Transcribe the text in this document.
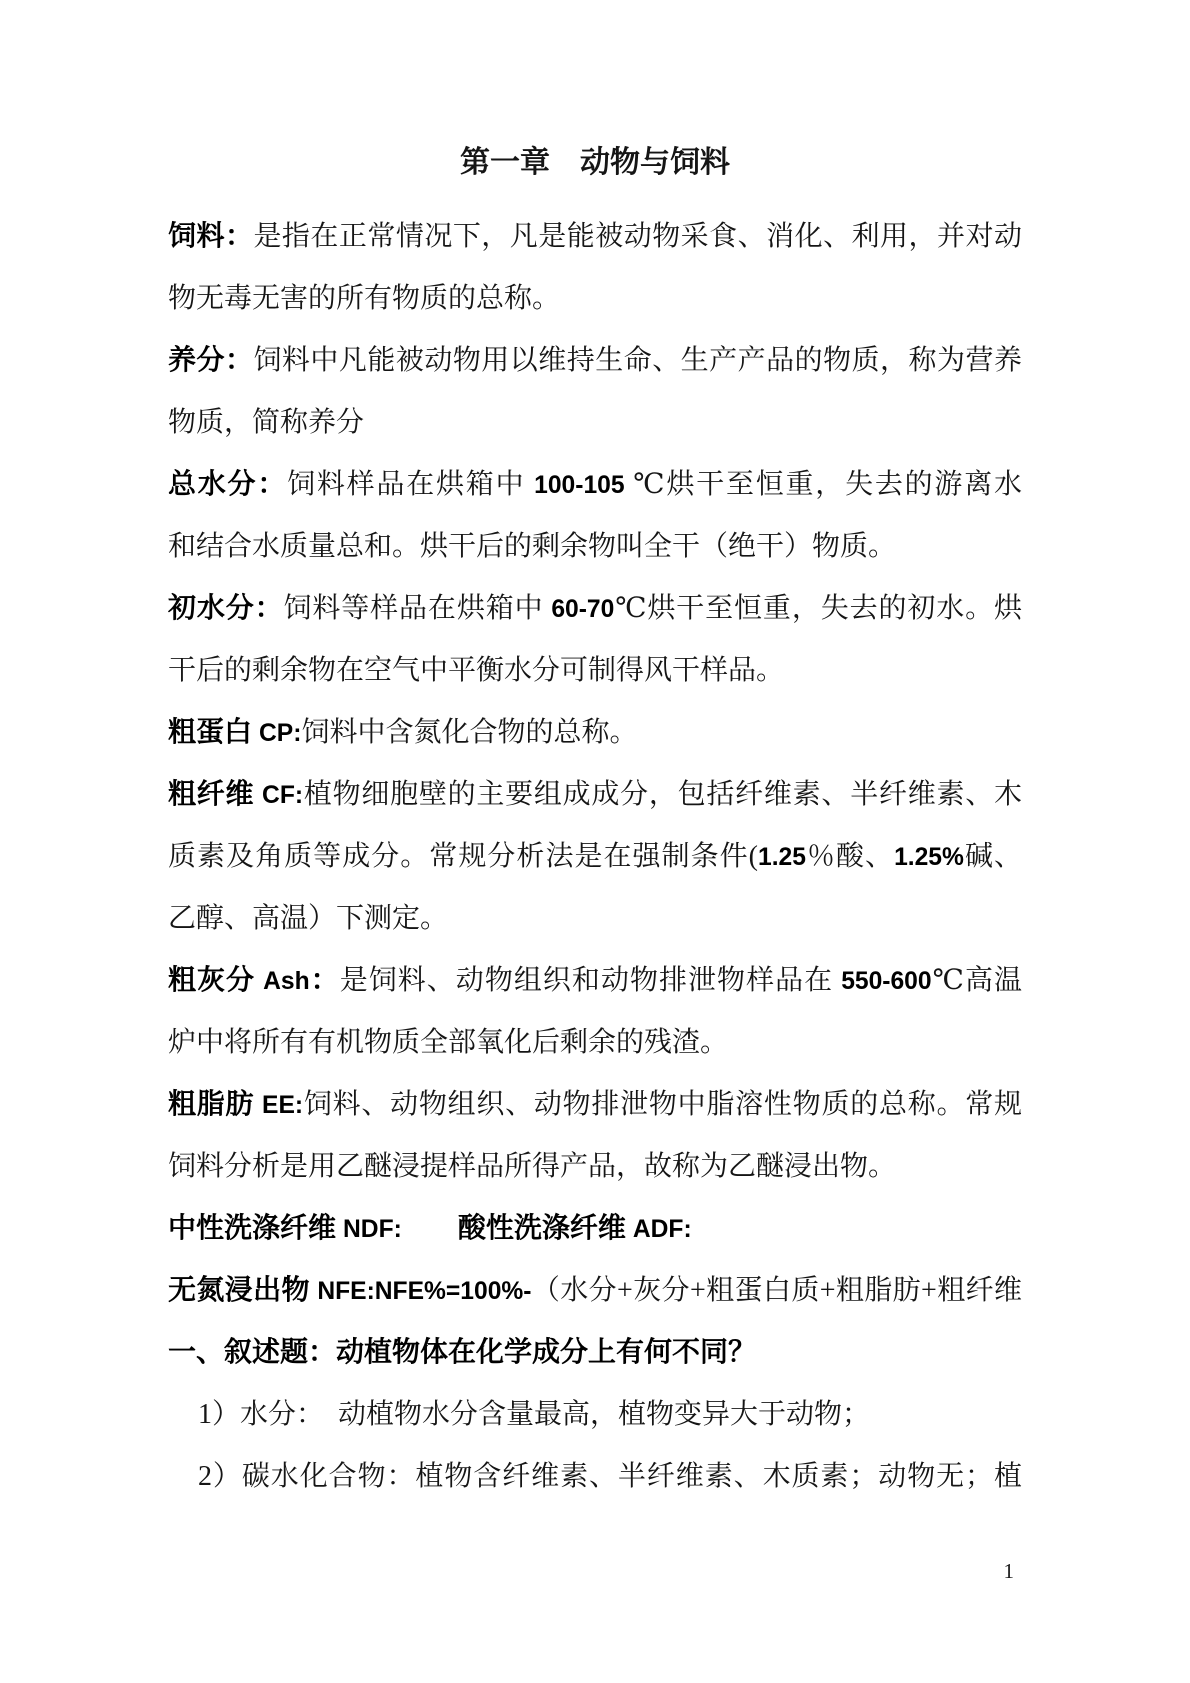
第一章　动物与饲料
饲料：是指在正常情况下，凡是能被动物采食、消化、利用，并对动
物无毒无害的所有物质的总称。
养分：饲料中凡能被动物用以维持生命、生产产品的物质，称为营养
物质，简称养分
总水分：饲料样品在烘箱中 100-105 ℃烘干至恒重，失去的游离水
和结合水质量总和。烘干后的剩余物叫全干（绝干）物质。
初水分：饲料等样品在烘箱中 60-70℃烘干至恒重，失去的初水。烘
干后的剩余物在空气中平衡水分可制得风干样品。
粗蛋白 CP:饲料中含氮化合物的总称。
粗纤维 CF:植物细胞壁的主要组成成分，包括纤维素、半纤维素、木
质素及角质等成分。常规分析法是在强制条件(1.25％酸、1.25%碱、
乙醇、高温）下测定。
粗灰分 Ash：是饲料、动物组织和动物排泄物样品在 550-600℃高温
炉中将所有有机物质全部氧化后剩余的残渣。
粗脂肪 EE:饲料、动物组织、动物排泄物中脂溶性物质的总称。常规
饲料分析是用乙醚浸提样品所得产品，故称为乙醚浸出物。
中性洗涤纤维 NDF:　　 酸性洗涤纤维 ADF:
无氮浸出物 NFE:NFE%=100%-（水分+灰分+粗蛋白质+粗脂肪+粗纤维
一、叙述题：动植物体在化学成分上有何不同？
1）水分：　动植物水分含量最高，植物变异大于动物；
2）碳水化合物：植物含纤维素、半纤维素、木质素；动物无；植
1
